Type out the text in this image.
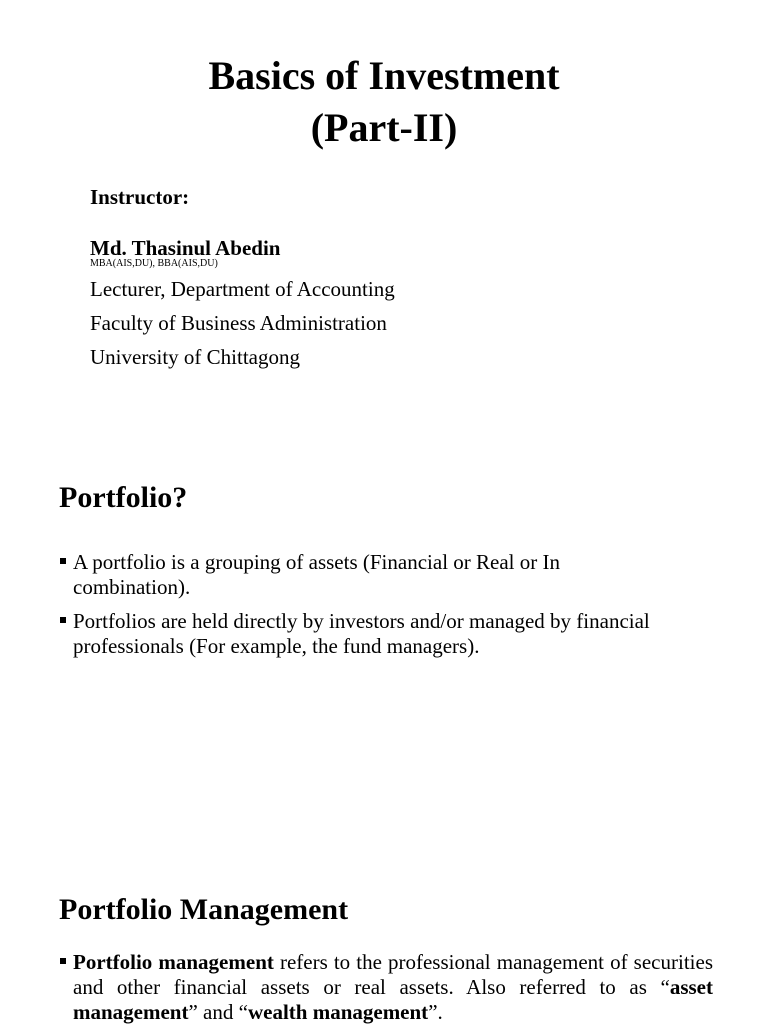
Basics of Investment
(Part-II)

Instructor:

Md. Thasinul Abedin

MBA(AIS,DU), BBA(AIS,DU)

Lecturer, Department of Accounting

Faculty of Business Administration

University of Chittagong

Portfolio?
A portfolio is a grouping of assets (Financial or Real or In combination).
Portfolios are held directly by investors and/or managed by financial professionals (For example, the fund managers).
Portfolio Management
Portfolio management refers to the professional management of securities and other financial assets or real assets. Also referred to as “asset management” and “wealth management”.
